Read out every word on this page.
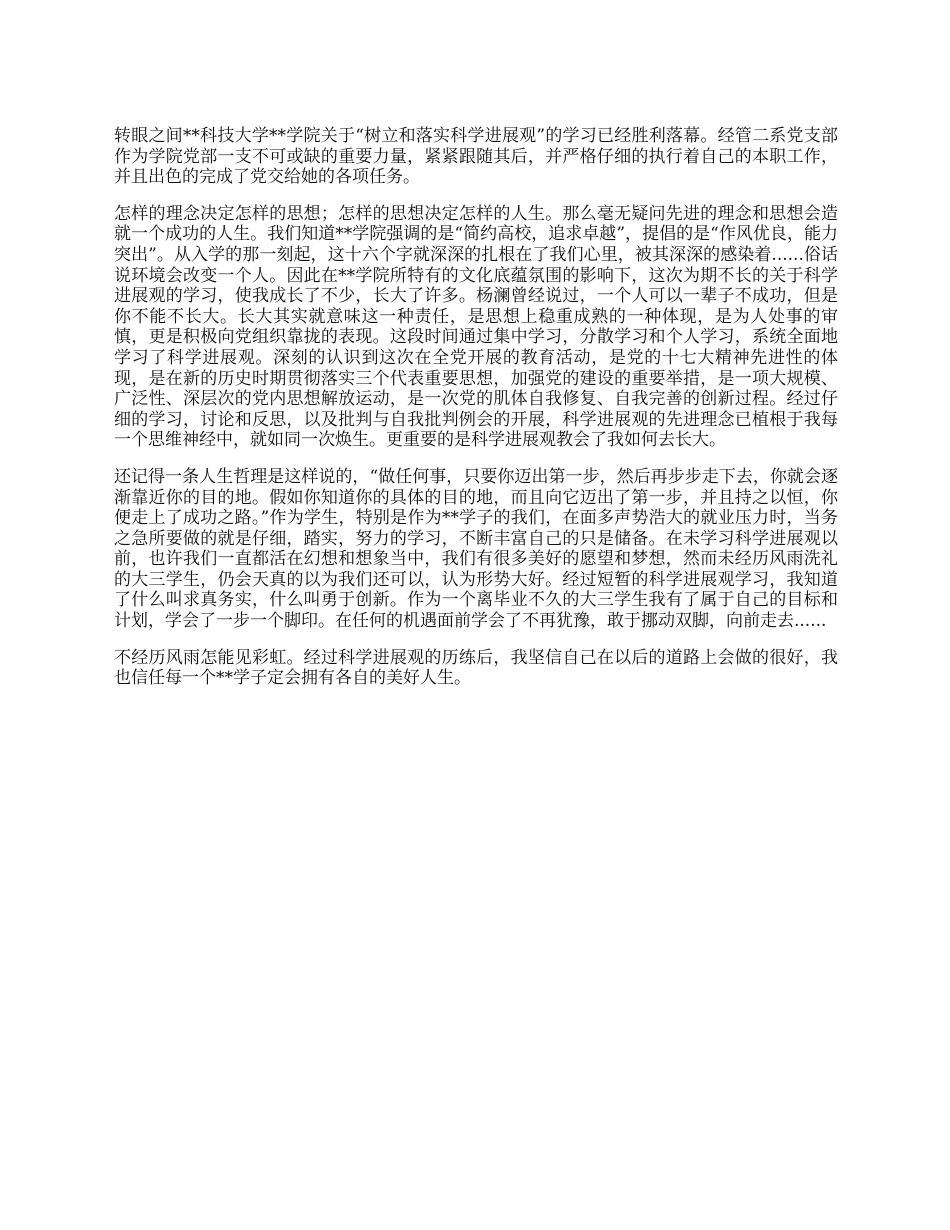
转眼之间**科技大学**学院关于“树立和落实科学进展观”的学习已经胜利落幕。经管二系党支部作为学院党部一支不可或缺的重要力量，紧紧跟随其后，并严格仔细的执行着自己的本职工作，并且出色的完成了党交给她的各项任务。

怎样的理念决定怎样的思想；怎样的思想决定怎样的人生。那么毫无疑问先进的理念和思想会造就一个成功的人生。我们知道**学院强调的是“简约高校，追求卓越”，提倡的是“作风优良，能力突出”。从入学的那一刻起，这十六个字就深深的扎根在了我们心里，被其深深的感染着......俗话说环境会改变一个人。因此在**学院所特有的文化底蕴氛围的影响下，这次为期不长的关于科学进展观的学习，使我成长了不少，长大了许多。杨澜曾经说过，一个人可以一辈子不成功，但是你不能不长大。长大其实就意味这一种责任，是思想上稳重成熟的一种体现，是为人处事的审慎，更是积极向党组织靠拢的表现。这段时间通过集中学习，分散学习和个人学习，系统全面地学习了科学进展观。深刻的认识到这次在全党开展的教育活动，是党的十七大精神先进性的体现，是在新的历史时期贯彻落实三个代表重要思想，加强党的建设的重要举措，是一项大规模、广泛性、深层次的党内思想解放运动，是一次党的肌体自我修复、自我完善的创新过程。经过仔细的学习，讨论和反思，以及批判与自我批判例会的开展，科学进展观的先进理念已植根于我每一个思维神经中，就如同一次焕生。更重要的是科学进展观教会了我如何去长大。

还记得一条人生哲理是这样说的，“做任何事，只要你迈出第一步，然后再步步走下去，你就会逐渐靠近你的目的地。假如你知道你的具体的目的地，而且向它迈出了第一步，并且持之以恒，你便走上了成功之路。”作为学生，特别是作为**学子的我们，在面多声势浩大的就业压力时，当务之急所要做的就是仔细，踏实，努力的学习，不断丰富自己的只是储备。在未学习科学进展观以前，也许我们一直都活在幻想和想象当中，我们有很多美好的愿望和梦想，然而未经历风雨洗礼的大三学生，仍会天真的以为我们还可以，认为形势大好。经过短暂的科学进展观学习，我知道了什么叫求真务实，什么叫勇于创新。作为一个离毕业不久的大三学生我有了属于自己的目标和计划，学会了一步一个脚印。在任何的机遇面前学会了不再犹豫，敢于挪动双脚，向前走去......

不经历风雨怎能见彩虹。经过科学进展观的历练后，我坚信自己在以后的道路上会做的很好，我也信任每一个**学子定会拥有各自的美好人生。
